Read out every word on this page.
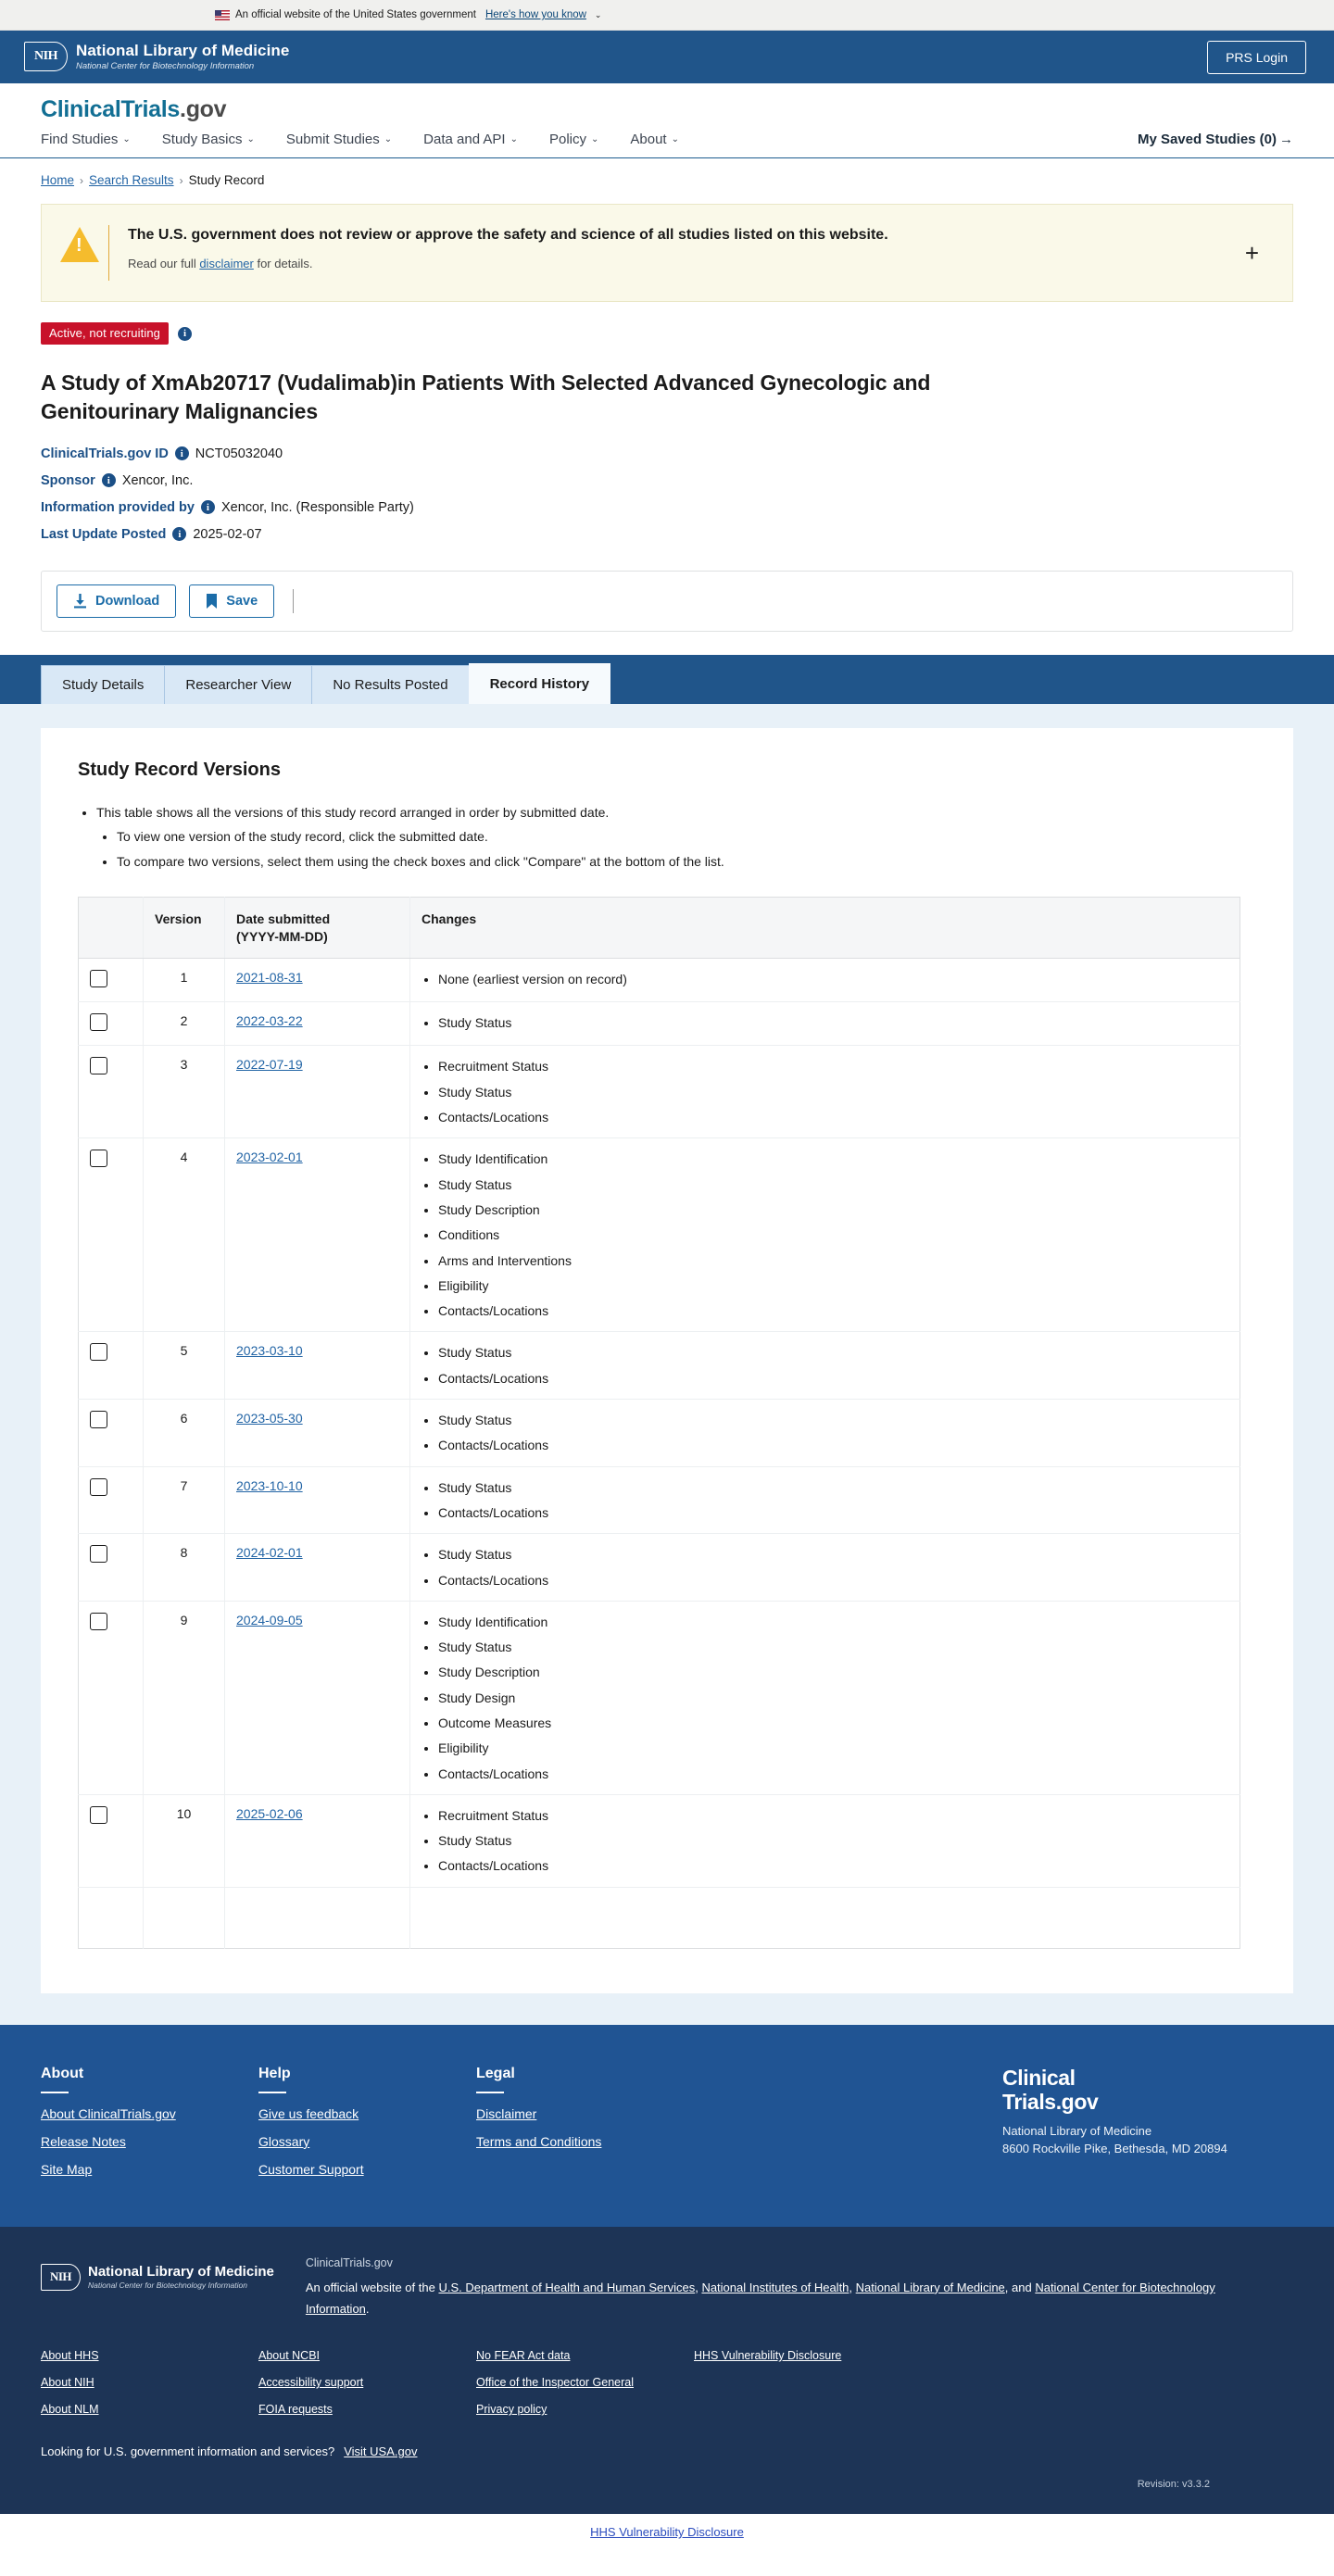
An official website of the United States government Here's how you know ⌄
NIH National Library of Medicine
National Center for Biotechnology Information
PRS Login
ClinicalTrials.gov
Find Studies ⌄ Study Basics ⌄ Submit Studies ⌄ Data and API ⌄ Policy ⌄ About ⌄	My Saved Studies (0) →
Home › Search Results › Study Record
!
The U.S. government does not review or approve the safety and science of all studies listed on this website.
Read our full disclaimer for details.	+
Active, not recruiting	i
A Study of XmAb20717 (Vudalimab)in Patients With Selected Advanced Gynecologic and Genitourinary Malignancies
ClinicalTrials.gov ID	i NCT05032040
Sponsor	i Xencor, Inc.
Information provided by	i Xencor, Inc. (Responsible Party)
Last Update Posted	i 2025-02-07
Download	Save
Study Details	Researcher View	No Results Posted	Record History
Study Record Versions
• This table shows all the versions of this study record arranged in order by submitted date.
• To view one version of the study record, click the submitted date.
• To compare two versions, select them using the check boxes and click "Compare" at the bottom of the list.
	Version	Date submitted
(YYYY-MM-DD)	Changes
	1	2021-08-31	
•None (earliest version on record)

	2	2022-03-22	
•Study Status

	3	2022-07-19	
•Recruitment Status
• Study Status
• Contacts/Locations

	4	2023-02-01	
•Study Identification
• Study Status
• Study Description
• Conditions
• Arms and Interventions
• Eligibility
• Contacts/Locations

	5	2023-03-10	
•Study Status
• Contacts/Locations

	6	2023-05-30	
•Study Status
• Contacts/Locations

	7	2023-10-10	
•Study Status
• Contacts/Locations

	8	2024-02-01	
•Study Status
• Contacts/Locations

	9	2024-09-05	
•Study Identification
• Study Status
• Study Description
• Study Design
• Outcome Measures
• Eligibility
• Contacts/Locations

	10	2025-02-06	
•Recruitment Status
• Study Status
• Contacts/Locations

About
About ClinicalTrials.gov
Release Notes
Site Map
Help
Give us feedback
Glossary
Customer Support
Legal
Disclaimer
Terms and Conditions
Clinical
Trials.gov
National Library of Medicine
8600 Rockville Pike, Bethesda, MD 20894
NIH National Library of Medicine
National Center for Biotechnology Information
ClinicalTrials.gov
An official website of the U.S. Department of Health and Human Services, National Institutes of Health, National Library of Medicine, and National Center for Biotechnology Information.
About HHS
About NIH
About NLM
About NCBI
Accessibility support
FOIA requests
No FEAR Act data
Office of the Inspector General
Privacy policy
HHS Vulnerability Disclosure
Looking for U.S. government information and services? Visit USA.gov
Revision: v3.3.2
HHS Vulnerability Disclosure
